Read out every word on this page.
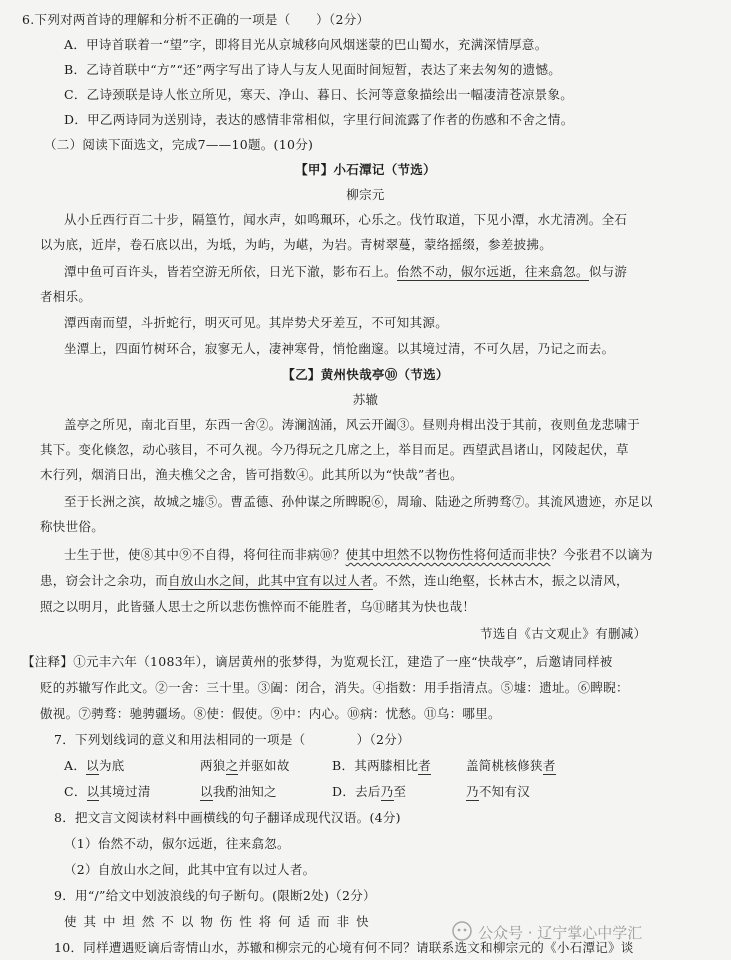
6.下列对两首诗的理解和分析不正确的一项是（　　）（2分）
A．甲诗首联着一“望”字，即将目光从京城移向风烟迷蒙的巴山蜀水，充满深情厚意。
B．乙诗首联中“方”“还”两字写出了诗人与友人见面时间短暂，表达了来去匆匆的遗憾。
C．乙诗颈联是诗人怅立所见，寒天、净山、暮日、长河等意象描绘出一幅凄清苍凉景象。
D．甲乙两诗同为送别诗，表达的感情非常相似，字里行间流露了作者的伤感和不舍之情。
（二）阅读下面选文，完成7——10题。(10分)
【甲】小石潭记（节选）
柳宗元
从小丘西行百二十步，隔篁竹，闻水声，如鸣珮环，心乐之。伐竹取道，下见小潭，水尤清冽。全石
以为底，近岸，卷石底以出，为坻，为屿，为嵁，为岩。青树翠蔓，蒙络摇缀，参差披拂。
潭中鱼可百许头，皆若空游无所依，日光下澈，影布石上。佁然不动，俶尔远逝，往来翕忽。似与游
者相乐。
潭西南而望，斗折蛇行，明灭可见。其岸势犬牙差互，不可知其源。
坐潭上，四面竹树环合，寂寥无人，凄神寒骨，悄怆幽邃。以其境过清，不可久居，乃记之而去。
【乙】黄州快哉亭⑩（节选）
苏辙
盖亭之所见，南北百里，东西一舍②。涛澜汹涌，风云开阖③。昼则舟楫出没于其前，夜则鱼龙悲啸于
其下。变化倏忽，动心骇目，不可久视。今乃得玩之几席之上，举目而足。西望武昌诸山，冈陵起伏，草
木行列，烟消日出，渔夫樵父之舍，皆可指数④。此其所以为“快哉”者也。
至于长洲之滨，故城之墟⑤。曹孟德、孙仲谋之所睥睨⑥，周瑜、陆逊之所骋骛⑦。其流风遗迹，亦足以
称快世俗。
士生于世，使⑧其中⑨不自得，将何往而非病⑩？使其中坦然不以物伤性将何适而非快？今张君不以谪为
患，窃会计之余功，而自放山水之间，此其中宜有以过人者。不然，连山绝壑，长林古木，振之以清风，
照之以明月，此皆骚人思士之所以悲伤憔悴而不能胜者，乌⑪睹其为快也哉！
节选自《古文观止》有删减）
【注释】①元丰六年（1083年），谪居黄州的张梦得，为览观长江，建造了一座“快哉亭”，后邀请同样被
贬的苏辙写作此文。②一舍：三十里。③阖：闭合，消失。④指数：用手指清点。⑤墟：遗址。⑥睥睨：
傲视。⑦骋骛：驰骋疆场。⑧使：假使。⑨中：内心。⑩病：忧愁。⑪乌：哪里。
7．下列划线词的意义和用法相同的一项是（　　　　）（2分）
A．以为底	两狼之并驱如故	B．其两膝相比者	盖简桃核修狭者
C．以其境过清	以我酌油知之	D．去后乃至	乃不知有汉
8．把文言文阅读材料中画横线的句子翻译成现代汉语。(4分)
（1）佁然不动，俶尔远逝，往来翕忽。
（2）自放山水之间，此其中宜有以过人者。
9．用“/”给文中划波浪线的句子断句。(限断2处)（2分）
使 其 中 坦 然 不 以 物 伤 性 将 何 适 而 非 快
10．同样遭遇贬谪后寄情山水，苏辙和柳宗元的心境有何不同？请联系选文和柳宗元的《小石潭记》谈
公众号 · 辽宁掌心中学汇
